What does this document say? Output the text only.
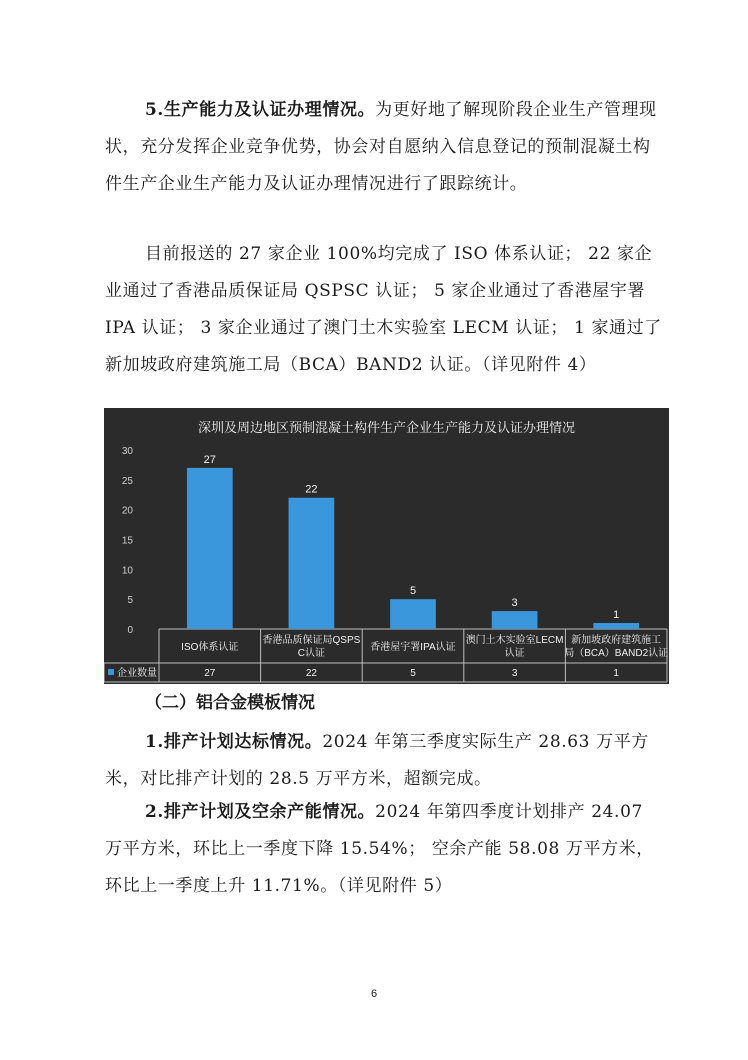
5.生产能力及认证办理情况。为更好地了解现阶段企业生产管理现状，充分发挥企业竞争优势，协会对自愿纳入信息登记的预制混凝土构件生产企业生产能力及认证办理情况进行了跟踪统计。

目前报送的 27 家企业 100%均完成了 ISO 体系认证； 22 家企业通过了香港品质保证局 QSPSC 认证； 5 家企业通过了香港屋宇署 IPA 认证； 3 家企业通过了澳门土木实验室 LECM 认证； 1 家通过了新加坡政府建筑施工局（BCA）BAND2 认证。（详见附件 4）

深圳及周边地区预制混凝土构件生产企业生产能力及认证办理情况
0
5
10
15
20
25
30
27
ISO体系认证
27
22
香港品质保证局QSPS
C认证
22
5
香港屋宇署IPA认证
5
3
澳门土木实验室LECM
认证
3
1
新加坡政府建筑施工
局（BCA）BAND2认证
1
企业数量

（二）铝合金模板情况

1.排产计划达标情况。2024 年第三季度实际生产 28.63 万平方米，对比排产计划的 28.5 万平方米，超额完成。

2.排产计划及空余产能情况。2024 年第四季度计划排产 24.07 万平方米，环比上一季度下降 15.54%； 空余产能 58.08 万平方米，环比上一季度上升 11.71%。（详见附件 5）

6
